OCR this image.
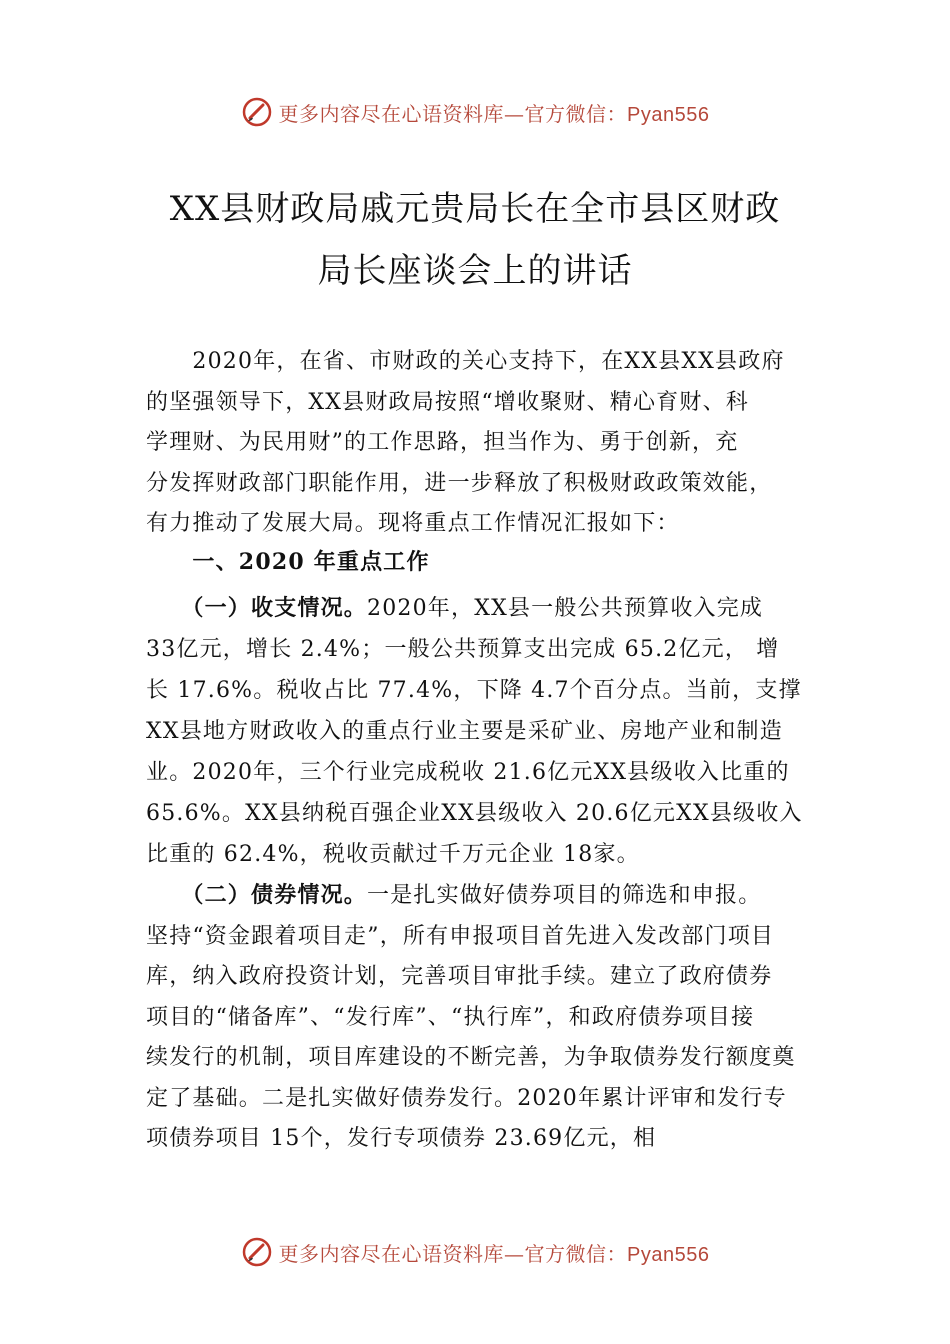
更多内容尽在心语资料库—官方微信：Pyan556
XX县财政局戚元贵局长在全市县区财政
局长座谈会上的讲话
　　2020年，在省、市财政的关心支持下，在XX县XX县政府
的坚强领导下，XX县财政局按照“增收聚财、精心育财、科
学理财、为民用财”的工作思路，担当作为、勇于创新，充
分发挥财政部门职能作用，进一步释放了积极财政政策效能，
有力推动了发展大局。现将重点工作情况汇报如下：
　　一、2020 年重点工作
　　（一）收支情况。2020年，XX县一般公共预算收入完成
33亿元，增长 2.4%；一般公共预算支出完成 65.2亿元， 增
长 17.6%。税收占比 77.4%，下降 4.7个百分点。当前，支撑
XX县地方财政收入的重点行业主要是采矿业、房地产业和制造
业。2020年，三个行业完成税收 21.6亿元XX县级收入比重的
65.6%。XX县纳税百强企业XX县级收入 20.6亿元XX县级收入
比重的 62.4%，税收贡献过千万元企业 18家。
　　（二）债券情况。一是扎实做好债券项目的筛选和申报。
坚持“资金跟着项目走”，所有申报项目首先进入发改部门项目
库，纳入政府投资计划，完善项目审批手续。建立了政府债券
项目的“储备库”、“发行库”、“执行库”，和政府债券项目接
续发行的机制，项目库建设的不断完善，为争取债券发行额度奠
定了基础。二是扎实做好债券发行。2020年累计评审和发行专
项债券项目 15个，发行专项债券 23.69亿元，相
更多内容尽在心语资料库—官方微信：Pyan556
